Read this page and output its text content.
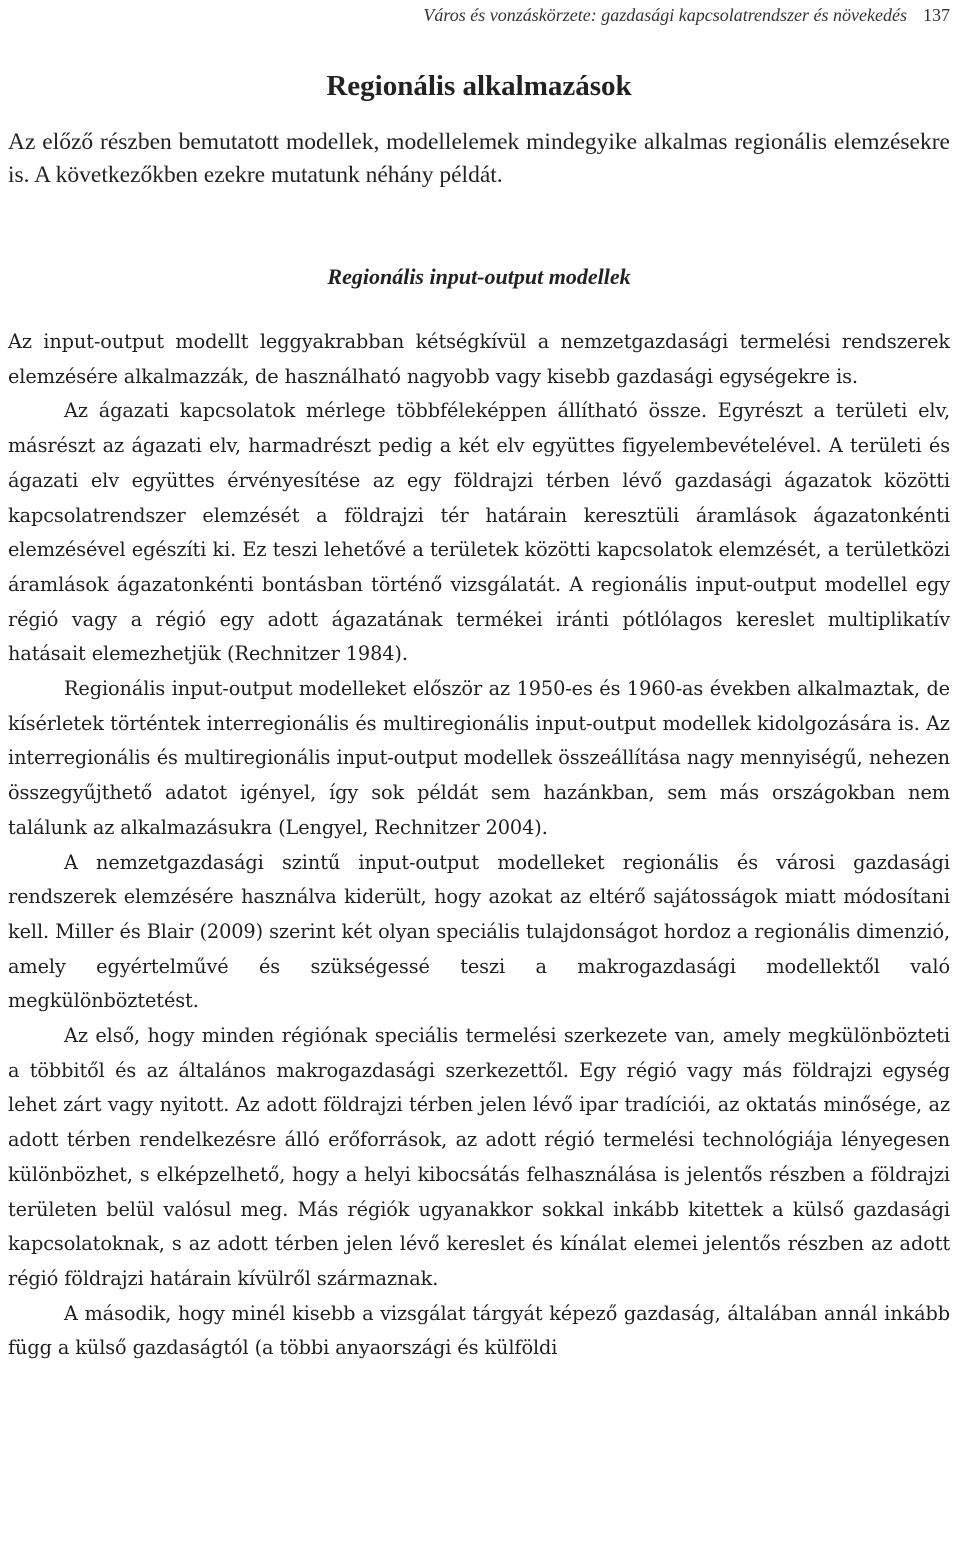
Város és vonzáskörzete: gazdasági kapcsolatrendszer és növekedés 137
Regionális alkalmazások

Az előző részben bemutatott modellek, modellelemek mindegyike alkalmas regionális elemzésekre is. A következőkben ezekre mutatunk néhány példát.

Regionális input-output modellek

Az input-output modellt leggyakrabban kétségkívül a nemzetgazdasági termelési rendszerek elemzésére alkalmazzák, de használható nagyobb vagy kisebb gazdasági egységekre is.

Az ágazati kapcsolatok mérlege többféleképpen állítható össze. Egyrészt a területi elv, másrészt az ágazati elv, harmadrészt pedig a két elv együttes figyelembevételével. A területi és ágazati elv együttes érvényesítése az egy földrajzi térben lévő gazdasági ágazatok közötti kapcsolatrendszer elemzését a földrajzi tér határain keresztüli áramlások ágazatonkénti elemzésével egészíti ki. Ez teszi lehetővé a területek közötti kapcsolatok elemzését, a területközi áramlások ágazatonkénti bontásban történő vizsgálatát. A regionális input-output modellel egy régió vagy a régió egy adott ágazatának termékei iránti pótlólagos kereslet multiplikatív hatásait elemezhetjük (Rechnitzer 1984).

Regionális input-output modelleket először az 1950-es és 1960-as években alkalmaztak, de kísérletek történtek interregionális és multiregionális input-output modellek kidolgozására is. Az interregionális és multiregionális input-output modellek összeállítása nagy mennyiségű, nehezen összegyűjthető adatot igényel, így sok példát sem hazánkban, sem más országokban nem találunk az alkalmazásukra (Lengyel, Rechnitzer 2004).

A nemzetgazdasági szintű input-output modelleket regionális és városi gazdasági rendszerek elemzésére használva kiderült, hogy azokat az eltérő sajátosságok miatt módosítani kell. Miller és Blair (2009) szerint két olyan speciális tulajdonságot hordoz a regionális dimenzió, amely egyértelművé és szükségessé teszi a makrogazdasági modellektől való megkülönböztetést.

Az első, hogy minden régiónak speciális termelési szerkezete van, amely megkülönbözteti a többitől és az általános makrogazdasági szerkezettől. Egy régió vagy más földrajzi egység lehet zárt vagy nyitott. Az adott földrajzi térben jelen lévő ipar tradíciói, az oktatás minősége, az adott térben rendelkezésre álló erőforrások, az adott régió termelési technológiája lényegesen különbözhet, s elképzelhető, hogy a helyi kibocsátás felhasználása is jelentős részben a földrajzi területen belül valósul meg. Más régiók ugyanakkor sokkal inkább kitettek a külső gazdasági kapcsolatoknak, s az adott térben jelen lévő kereslet és kínálat elemei jelentős részben az adott régió földrajzi határain kívülről származnak.

A második, hogy minél kisebb a vizsgálat tárgyát képező gazdaság, általában annál inkább függ a külső gazdaságtól (a többi anyaországi és külföldi
